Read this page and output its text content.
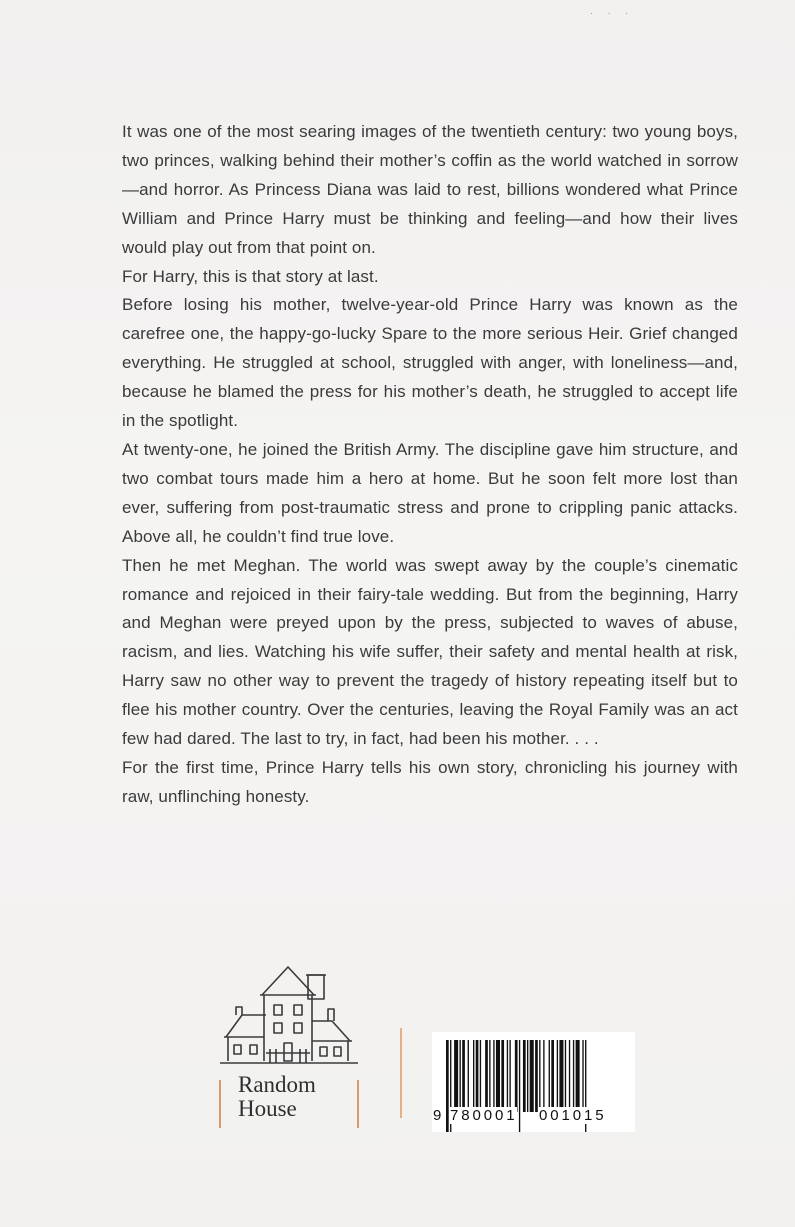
· · ·

It was one of the most searing images of the twentieth century: two young boys, two princes, walking behind their mother’s coffin as the world watched in sorrow—and horror. As Princess Diana was laid to rest, billions wondered what Prince William and Prince Harry must be thinking and feeling—and how their lives would play out from that point on.

For Harry, this is that story at last.

Before losing his mother, twelve-year-old Prince Harry was known as the carefree one, the happy-go-lucky Spare to the more serious Heir. Grief changed everything. He struggled at school, struggled with anger, with loneliness—and, because he blamed the press for his mother’s death, he struggled to accept life in the spotlight.

At twenty-one, he joined the British Army. The discipline gave him structure, and two combat tours made him a hero at home. But he soon felt more lost than ever, suffering from post-traumatic stress and prone to crippling panic attacks. Above all, he couldn’t find true love.

Then he met Meghan. The world was swept away by the couple’s cinematic romance and rejoiced in their fairy-tale wedding. But from the beginning, Harry and Meghan were preyed upon by the press, subjected to waves of abuse, racism, and lies. Watching his wife suffer, their safety and mental health at risk, Harry saw no other way to prevent the tragedy of history repeating itself but to flee his mother country. Over the centuries, leaving the Royal Family was an act few had dared. The last to try, in fact, had been his mother. . . .

For the first time, Prince Harry tells his own story, chronicling his journey with raw, unflinching honesty.

Random
House	9 780001 001015
